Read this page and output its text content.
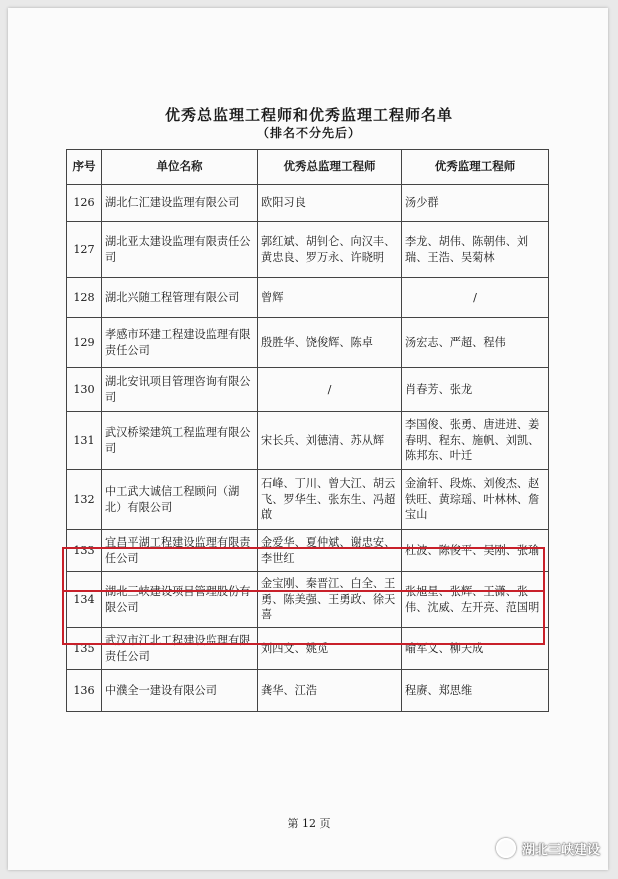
优秀总监理工程师和优秀监理工程师名单
（排名不分先后）
序号	单位名称	优秀总监理工程师	优秀监理工程师
126	湖北仁汇建设监理有限公司	欧阳习良	汤少群
127	湖北亚太建设监理有限责任公司	郭红斌、胡钊仑、向汉丰、黄忠良、罗万永、许晓明	李龙、胡伟、陈朝伟、刘瑞、王浩、吴菊林
128	湖北兴随工程管理有限公司	曾辉	/
129	孝感市环建工程建设监理有限责任公司	殷胜华、饶俊辉、陈卓	汤宏志、严超、程伟
130	湖北安讯项目管理咨询有限公司	/	肖春芳、张龙
131	武汉桥梁建筑工程监理有限公司	宋长兵、刘德清、苏从辉	李国俊、张勇、唐进进、姜春明、程东、施帆、刘凯、陈邦东、叶迁
132	中工武大诚信工程顾问（湖北）有限公司	石峰、丁川、曾大江、胡云飞、罗华生、张东生、冯超啟	金渝轩、段炼、刘俊杰、赵铁旺、黄琮瑶、叶林林、詹宝山
133	宜昌平湖工程建设监理有限责任公司	金爱华、夏仲斌、谢忠安、李世红	杜波、陈俊平、吴刚、张瑜
134	湖北三峡建设项目管理股份有限公司	金宝刚、秦晋江、白全、王勇、陈美强、王勇政、徐天喜	张旭星、张辉、王潇、张伟、沈威、左开亮、范国明
135	武汉市江北工程建设监理有限责任公司	刘四文、姚觅	喻军义、柳天成
136	中濮全一建设有限公司	龚华、江浩	程赓、郑思维
第 12 页
湖北三峡建设
